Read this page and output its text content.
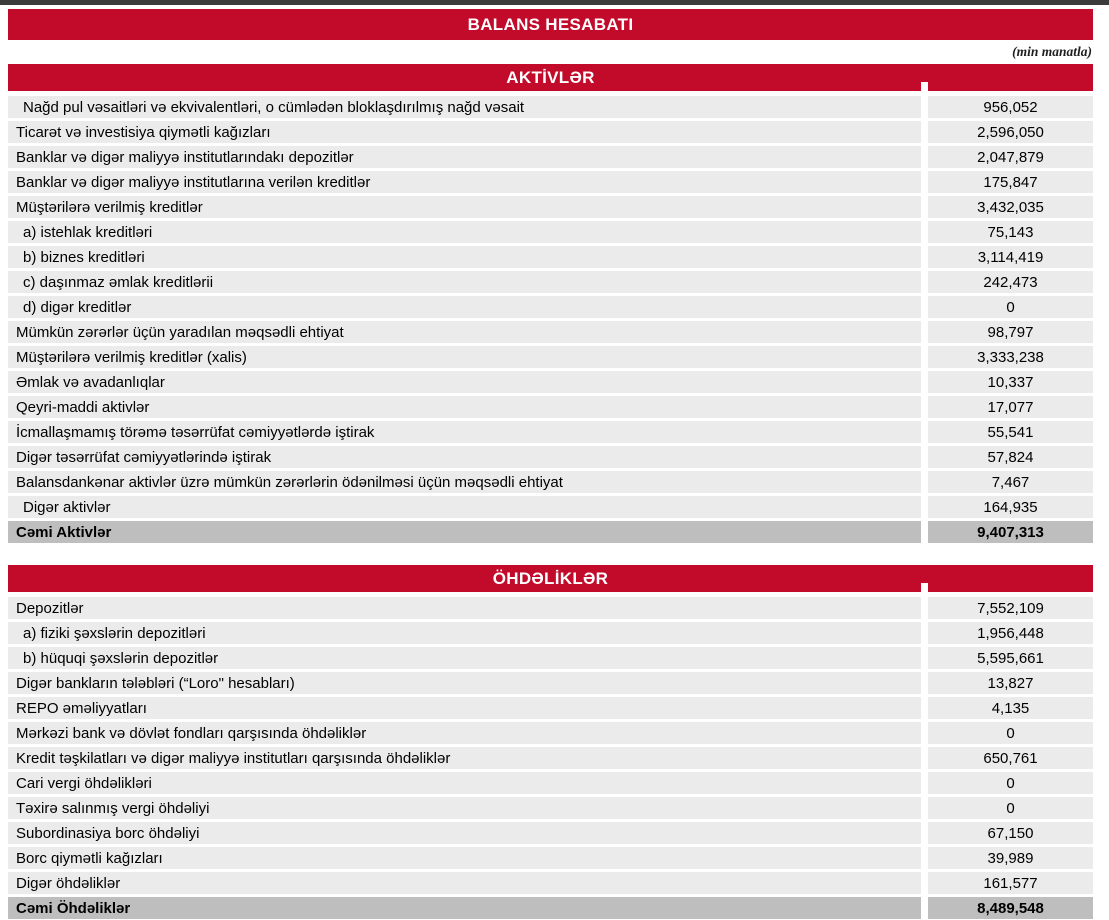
BALANS HESABATI
(min manatla)
AKTİVLƏR
Nağd pul vəsaitləri və ekvivalentləri, o cümlədən bloklaşdırılmış nağd vəsait	956,052
Ticarət və investisiya qiymətli kağızları	2,596,050
Banklar və digər maliyyə institutlarındakı depozitlər	2,047,879
Banklar və digər maliyyə institutlarına verilən kreditlər	175,847
Müştərilərə verilmiş kreditlər	3,432,035
a) istehlak kreditləri	75,143
b) biznes kreditləri	3,114,419
c) daşınmaz əmlak kreditlərii	242,473
d) digər kreditlər	0
Mümkün zərərlər üçün yaradılan məqsədli ehtiyat	98,797
Müştərilərə verilmiş kreditlər (xalis)	3,333,238
Əmlak və avadanlıqlar	10,337
Qeyri-maddi aktivlər	17,077
İcmallaşmamış törəmə təsərrüfat cəmiyyətlərdə iştirak	55,541
Digər təsərrüfat cəmiyyətlərində iştirak	57,824
Balansdankənar aktivlər üzrə mümkün zərərlərin ödənilməsi üçün məqsədli ehtiyat	7,467
Digər aktivlər	164,935
Cəmi Aktivlər	9,407,313
ÖHDƏLİKLƏR
Depozitlər	7,552,109
a) fiziki şəxslərin depozitləri	1,956,448
b) hüquqi şəxslərin depozitlər	5,595,661
Digər bankların tələbləri (“Loro" hesabları)	13,827
REPO əməliyyatları	4,135
Mərkəzi bank və dövlət fondları qarşısında öhdəliklər	0
Kredit təşkilatları və digər maliyyə institutları qarşısında öhdəliklər	650,761
Cari vergi öhdəlikləri	0
Təxirə salınmış vergi öhdəliyi	0
Subordinasiya borc öhdəliyi	67,150
Borc qiymətli kağızları	39,989
Digər öhdəliklər	161,577
Cəmi Öhdəliklər	8,489,548
